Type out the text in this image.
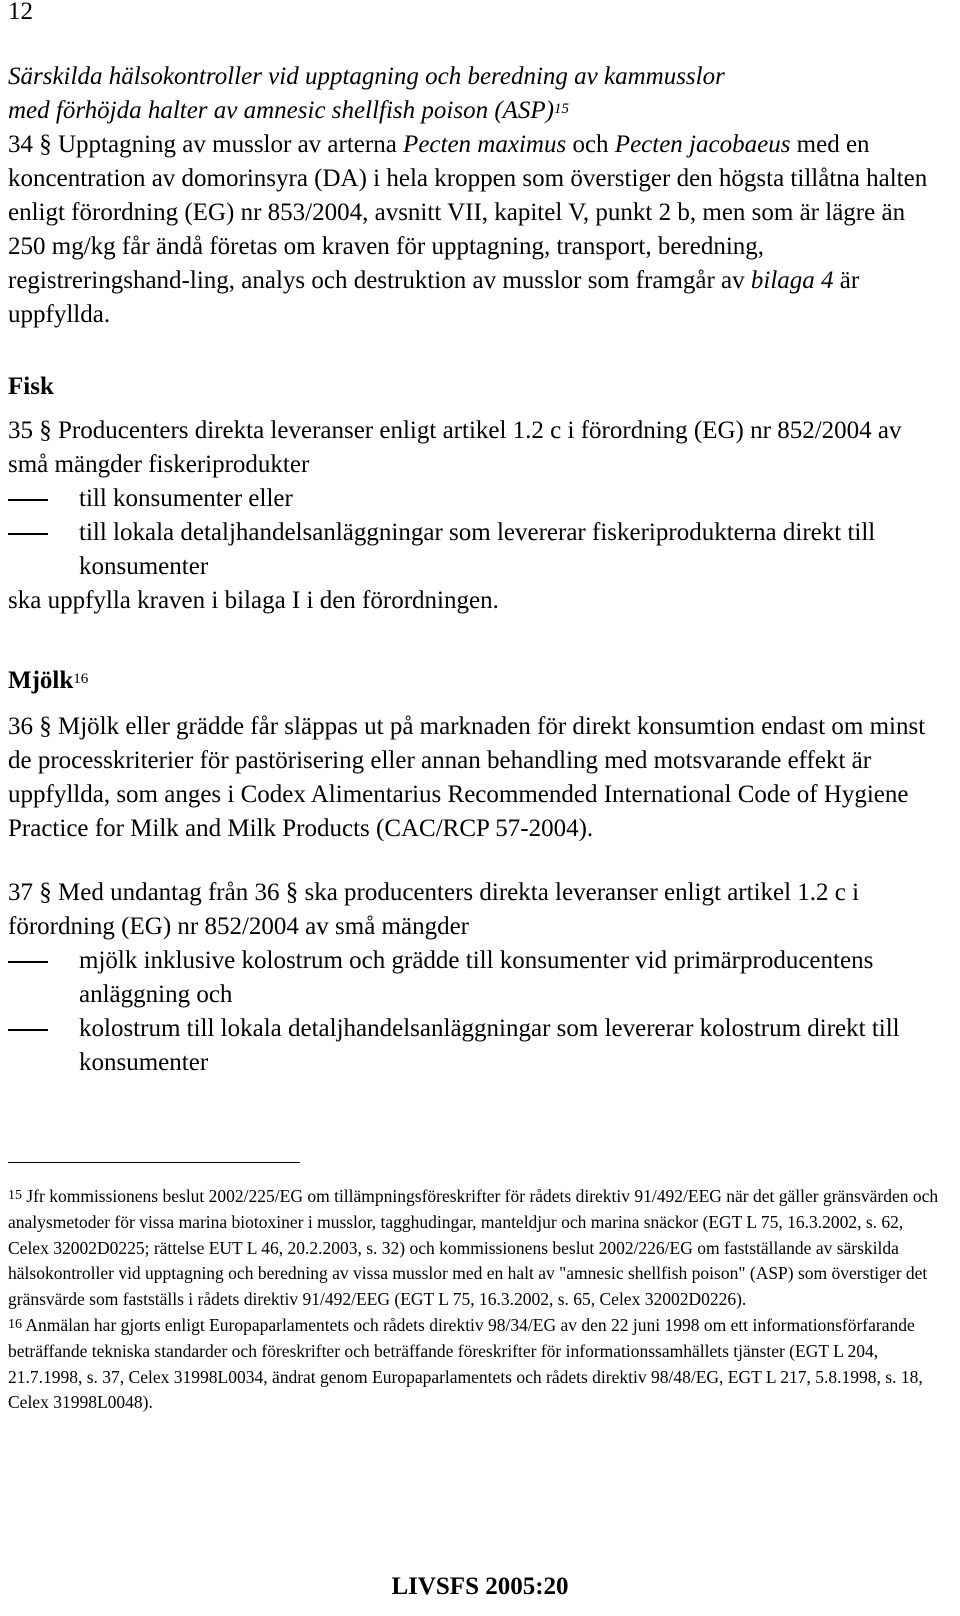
12

Särskilda hälsokontroller vid upptagning och beredning av kammusslor
med förhöjda halter av amnesic shellfish poison (ASP)$^{15}$

34 § Upptagning av musslor av arterna Pecten maximus och Pecten jacobaeus med en koncentration av domorinsyra (DA) i hela kroppen som överstiger den högsta tillåtna halten enligt förordning (EG) nr 853/2004, avsnitt VII, kapitel V, punkt 2 b, men som är lägre än 250 mg/kg får ändå företas om kraven för upptagning, transport, beredning, registreringshand-ling, analys och destruktion av musslor som framgår av bilaga 4 är uppfyllda.

Fisk

35 § Producenters direkta leveranser enligt artikel 1.2 c i förordning (EG) nr 852/2004 av små mängder fiskeriprodukter

till konsumenter eller
till lokala detaljhandelsanläggningar som levererar fiskeriprodukterna direkt till konsumenter

ska uppfylla kraven i bilaga I i den förordningen.

Mjölk$^{16}$

36 § Mjölk eller grädde får släppas ut på marknaden för direkt konsumtion endast om minst de processkriterier för pastörisering eller annan behandling med motsvarande effekt är uppfyllda, som anges i Codex Alimentarius Recommended International Code of Hygiene Practice for Milk and Milk Products (CAC/RCP 57-2004).

37 § Med undantag från 36 § ska producenters direkta leveranser enligt artikel 1.2 c i förordning (EG) nr 852/2004 av små mängder

mjölk inklusive kolostrum och grädde till konsumenter vid primärproducentens anläggning och
kolostrum till lokala detaljhandelsanläggningar som levererar kolostrum direkt till konsumenter

$^{15}$ Jfr kommissionens beslut 2002/225/EG om tillämpningsföreskrifter för rådets direktiv 91/492/EEG när det gäller gränsvärden och analysmetoder för vissa marina biotoxiner i musslor, tagghudingar, manteldjur och marina snäckor (EGT L 75, 16.3.2002, s. 62, Celex 32002D0225; rättelse EUT L 46, 20.2.2003, s. 32) och kommissionens beslut 2002/226/EG om fastställande av särskilda hälsokontroller vid upptagning och beredning av vissa musslor med en halt av "amnesic shellfish poison" (ASP) som överstiger det gränsvärde som fastställs i rådets direktiv 91/492/EEG (EGT L 75, 16.3.2002, s. 65, Celex 32002D0226).

$^{16}$ Anmälan har gjorts enligt Europaparlamentets och rådets direktiv 98/34/EG av den 22 juni 1998 om ett informationsförfarande beträffande tekniska standarder och föreskrifter och beträffande föreskrifter för informationssamhällets tjänster (EGT L 204, 21.7.1998, s. 37, Celex 31998L0034, ändrat genom Europaparlamentets och rådets direktiv 98/48/EG, EGT L 217, 5.8.1998, s. 18, Celex 31998L0048).

LIVSFS 2005:20
